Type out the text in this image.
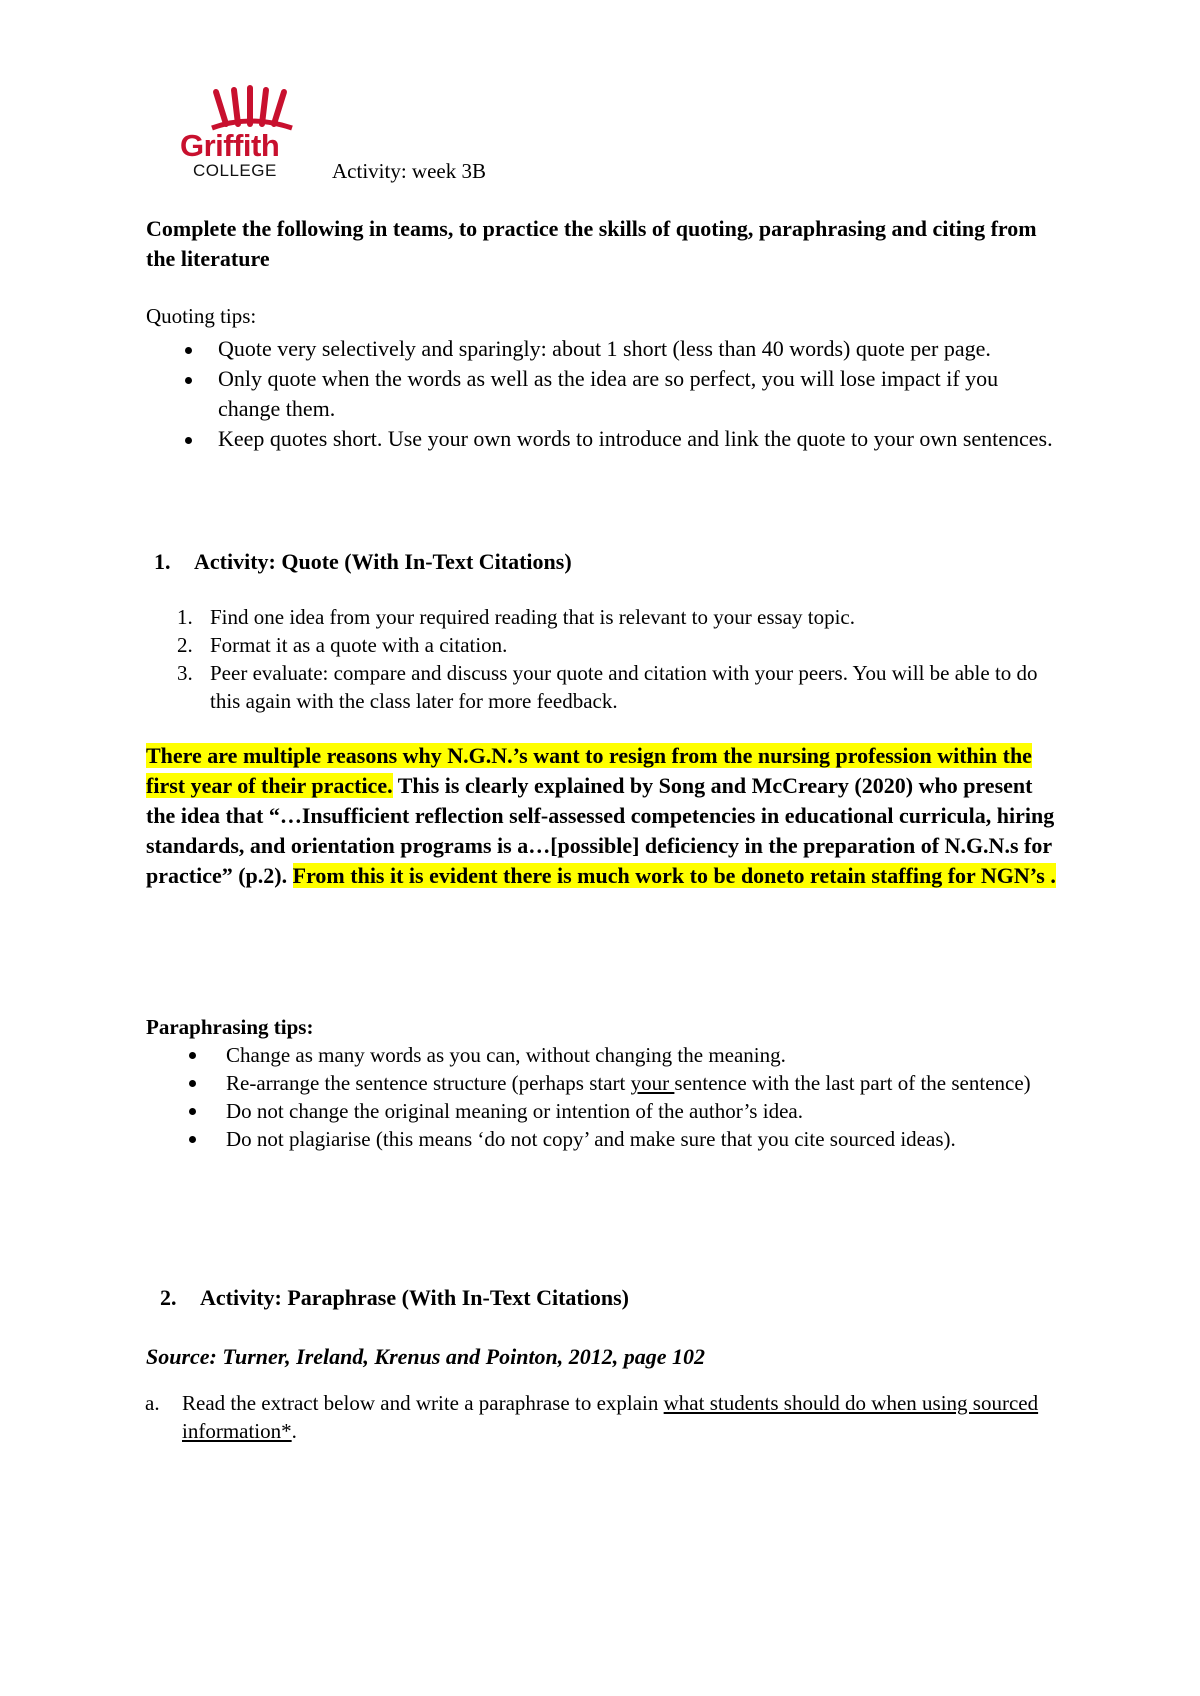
Griffith
COLLEGE	Activity: week 3B
Complete the following in teams, to practice the skills of quoting, paraphrasing and citing from the literature
Quoting tips:
Quote very selectively and sparingly: about 1 short (less than 40 words) quote per page.
Only quote when the words as well as the idea are so perfect, you will lose impact if you change them.
Keep quotes short. Use your own words to introduce and link the quote to your own sentences.
1. Activity: Quote (With In-Text Citations)
1. Find one idea from your required reading that is relevant to your essay topic.
2. Format it as a quote with a citation.
3. Peer evaluate: compare and discuss your quote and citation with your peers. You will be able to do this again with the class later for more feedback.
There are multiple reasons why N.G.N.’s want to resign from the nursing profession within the first year of their practice. This is clearly explained by Song and McCreary (2020) who present the idea that “…Insufficient reflection self-assessed competencies in educational curricula, hiring standards, and orientation programs is a…[possible] deficiency in the preparation of N.G.N.s for practice” (p.2). From this it is evident there is much work to be doneto retain staffing for NGN’s .
Paraphrasing tips:
Change as many words as you can, without changing the meaning.
Re-arrange the sentence structure (perhaps start your sentence with the last part of the sentence)
Do not change the original meaning or intention of the author’s idea.
Do not plagiarise (this means ‘do not copy’ and make sure that you cite sourced ideas).
2. Activity: Paraphrase (With In-Text Citations)
Source: Turner, Ireland, Krenus and Pointon, 2012, page 102
a. Read the extract below and write a paraphrase to explain what students should do when using sourced information*.
